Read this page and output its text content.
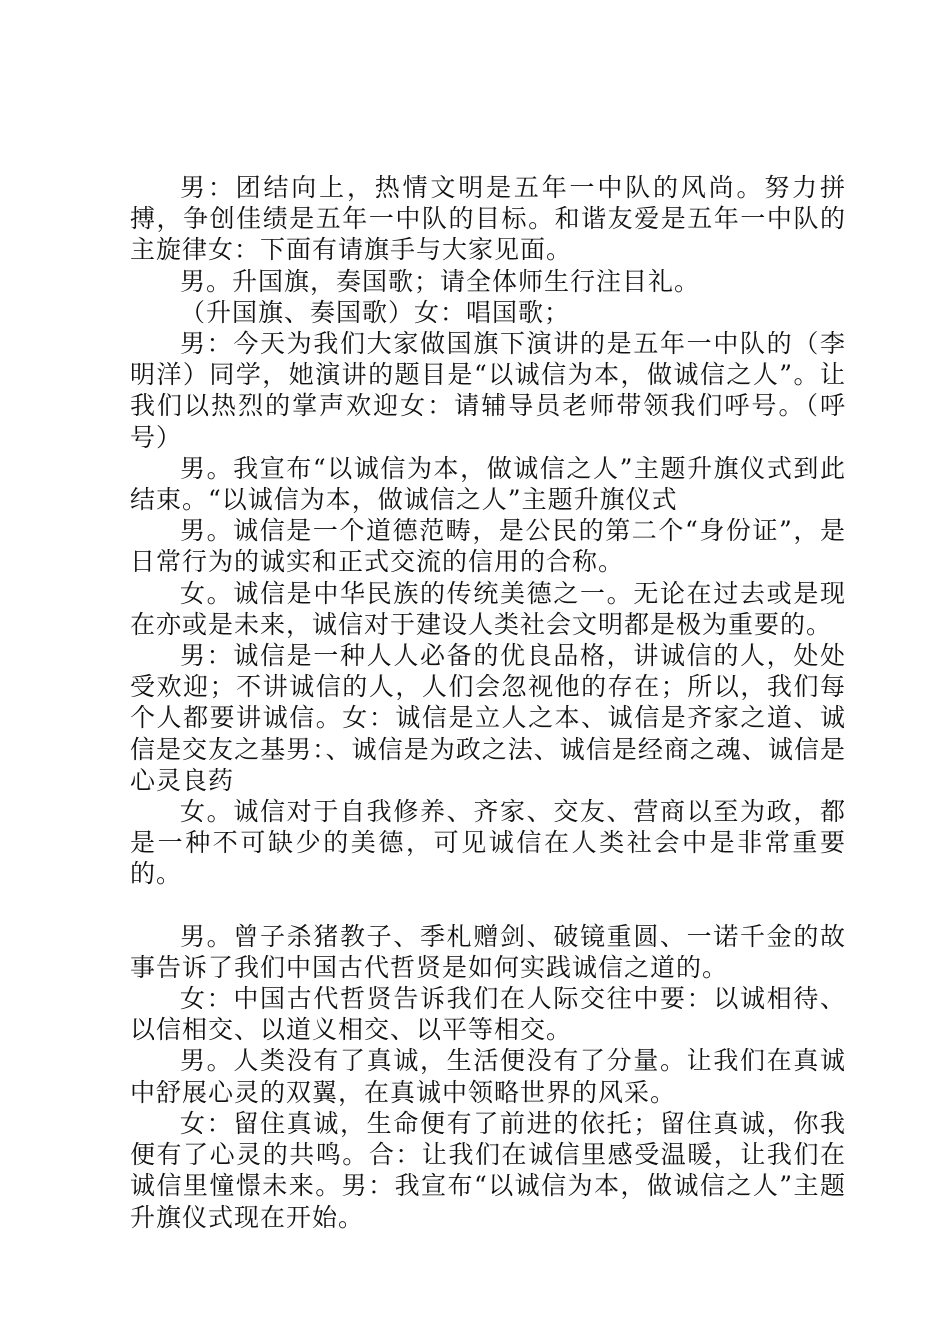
男：团结向上，热情文明是五年一中队的风尚。努力拼搏，争创佳绩是五年一中队的目标。和谐友爱是五年一中队的主旋律女：下面有请旗手与大家见面。

男。升国旗，奏国歌；请全体师生行注目礼。

（升国旗、奏国歌）女：唱国歌；

男：今天为我们大家做国旗下演讲的是五年一中队的（李明洋）同学，她演讲的题目是“以诚信为本，做诚信之人”。让我们以热烈的掌声欢迎女：请辅导员老师带领我们呼号。（呼号）

男。我宣布“以诚信为本，做诚信之人”主题升旗仪式到此结束。“以诚信为本，做诚信之人”主题升旗仪式

男。诚信是一个道德范畴，是公民的第二个“身份证”，是日常行为的诚实和正式交流的信用的合称。

女。诚信是中华民族的传统美德之一。无论在过去或是现在亦或是未来，诚信对于建设人类社会文明都是极为重要的。

男：诚信是一种人人必备的优良品格，讲诚信的人，处处受欢迎；不讲诚信的人，人们会忽视他的存在；所以，我们每个人都要讲诚信。女：诚信是立人之本、诚信是齐家之道、诚信是交友之基男：、诚信是为政之法、诚信是经商之魂、诚信是心灵良药

女。诚信对于自我修养、齐家、交友、营商以至为政，都是一种不可缺少的美德，可见诚信在人类社会中是非常重要的。

男。曾子杀猪教子、季札赠剑、破镜重圆、一诺千金的故事告诉了我们中国古代哲贤是如何实践诚信之道的。

女：中国古代哲贤告诉我们在人际交往中要：以诚相待、以信相交、以道义相交、以平等相交。

男。人类没有了真诚，生活便没有了分量。让我们在真诚中舒展心灵的双翼，在真诚中领略世界的风采。

女：留住真诚，生命便有了前进的依托；留住真诚，你我便有了心灵的共鸣。合：让我们在诚信里感受温暖，让我们在诚信里憧憬未来。男：我宣布“以诚信为本，做诚信之人”主题升旗仪式现在开始。
